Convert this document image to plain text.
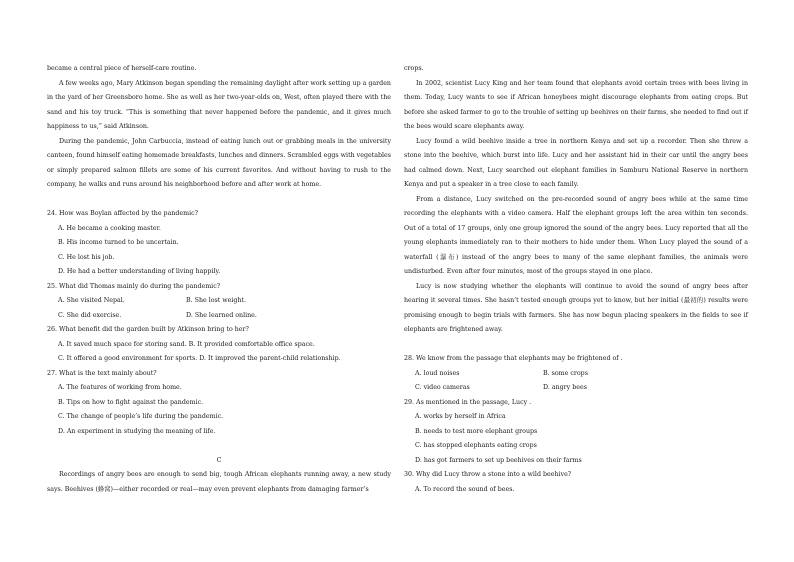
became a central piece of herself-care routine.

A few weeks ago, Mary Atkinson began spending the remaining daylight after work setting up a garden in the yard of her Greensboro home. She as well as her two-year-olds on, West, often played there with the sand and his toy truck. “This is something that never happened before the pandemic, and it gives much happiness to us,” said Atkinson.

During the pandemic, John Carbuccia, instead of eating lunch out or grabbing meals in the university canteen, found himself eating homemade breakfasts, lunches and dinners. Scrambled eggs with vegetables or simply prepared salmon fillets are some of his current favorites. And without having to rush to the company, he walks and runs around his neighborhood before and after work at home.

24. How was Boylan affected by the pandemic?

A. He became a cooking master.

B. His income turned to be uncertain.

C. He lost his job.

D. He had a better understanding of living happily.

25. What did Thomas mainly do during the pandemic?

A. She visited Nepal.	B. She lost weight.
C. She did exercise.	D. She learned online.

26. What benefit did the garden built by Atkinson bring to her?

A. It saved much space for storing sand. B. It provided comfortable office space.

C. It offered a good environment for sports. D. It improved the parent-child relationship.

27. What is the text mainly about?

A. The features of working from home.

B. Tips on how to fight against the pandemic.

C. The change of people’s life during the pandemic.

D. An experiment in studying the meaning of life.

C

Recordings of angry bees are enough to send big, tough African elephants running away, a new study says. Beehives (蜂窝)—either recorded or real—may even prevent elephants from damaging farmer’s

crops.

In 2002, scientist Lucy King and her team found that elephants avoid certain trees with bees living in them. Today, Lucy wants to see if African honeybees might discourage elephants from eating crops. But before she asked farmer to go to the trouble of setting up beehives on their farms, she needed to find out if the bees would scare elephants away.

Lucy found a wild beehive inside a tree in northern Kenya and set up a recorder. Then she threw a stone into the beehive, which burst into life. Lucy and her assistant hid in their car until the angry bees had calmed down. Next, Lucy searched out elephant families in Samburu National Reserve in northern Kenya and put a speaker in a tree close to each family.

From a distance, Lucy switched on the pre-recorded sound of angry bees while at the same time recording the elephants with a video camera. Half the elephant groups left the area within ten seconds. Out of a total of 17 groups, only one group ignored the sound of the angry bees. Lucy reported that all the young elephants immediately ran to their mothers to hide under them. When Lucy played the sound of a waterfall (瀑布) instead of the angry bees to many of the same elephant families, the animals were undisturbed. Even after four minutes, most of the groups stayed in one place.

Lucy is now studying whether the elephants will continue to avoid the sound of angry bees after hearing it several times. She hasn’t tested enough groups yet to know, but her initial (最初的) results were promising enough to begin trials with farmers. She has now begun placing speakers in the fields to see if elephants are frightened away.

28. We know from the passage that elephants may be frightened of .

A. loud noises	B. some crops
C. video cameras	D. angry bees

29. As mentioned in the passage, Lucy .

A. works by herself in Africa

B. needs to test more elephant groups

C. has stopped elephants eating crops

D. has got farmers to set up beehives on their farms

30. Why did Lucy throw a stone into a wild beehive?

A. To record the sound of bees.
